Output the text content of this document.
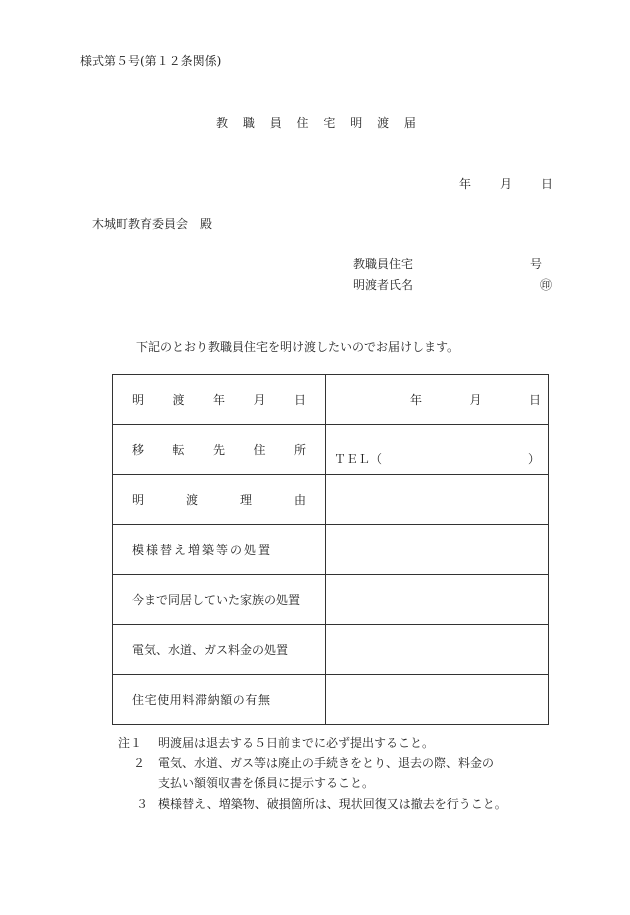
様式第５号(第１２条関係)
教 職 員 住 宅 明 渡 届
年 月 日
木城町教育委員会　殿
教職員住宅	号
明渡者氏名	㊞
下記のとおり教職員住宅を明け渡したいのでお届けします。
明 渡 年 月 日	年 月 日

移 転 先 住 所	ＴＥＬ（ ）

明 渡 理 由	

模様替え増築等の処置	

今まで同居していた家族の処置	

電気、水道、ガス料金の処置	

住宅使用料滞納額の有無	

注１ 明渡届は退去する５日前までに必ず提出すること。
２ 電気、水道、ガス等は廃止の手続きをとり、退去の際、料金の
支払い額領収書を係員に提示すること。
３ 模様替え、増築物、破損箇所は、現状回復又は撤去を行うこと。
